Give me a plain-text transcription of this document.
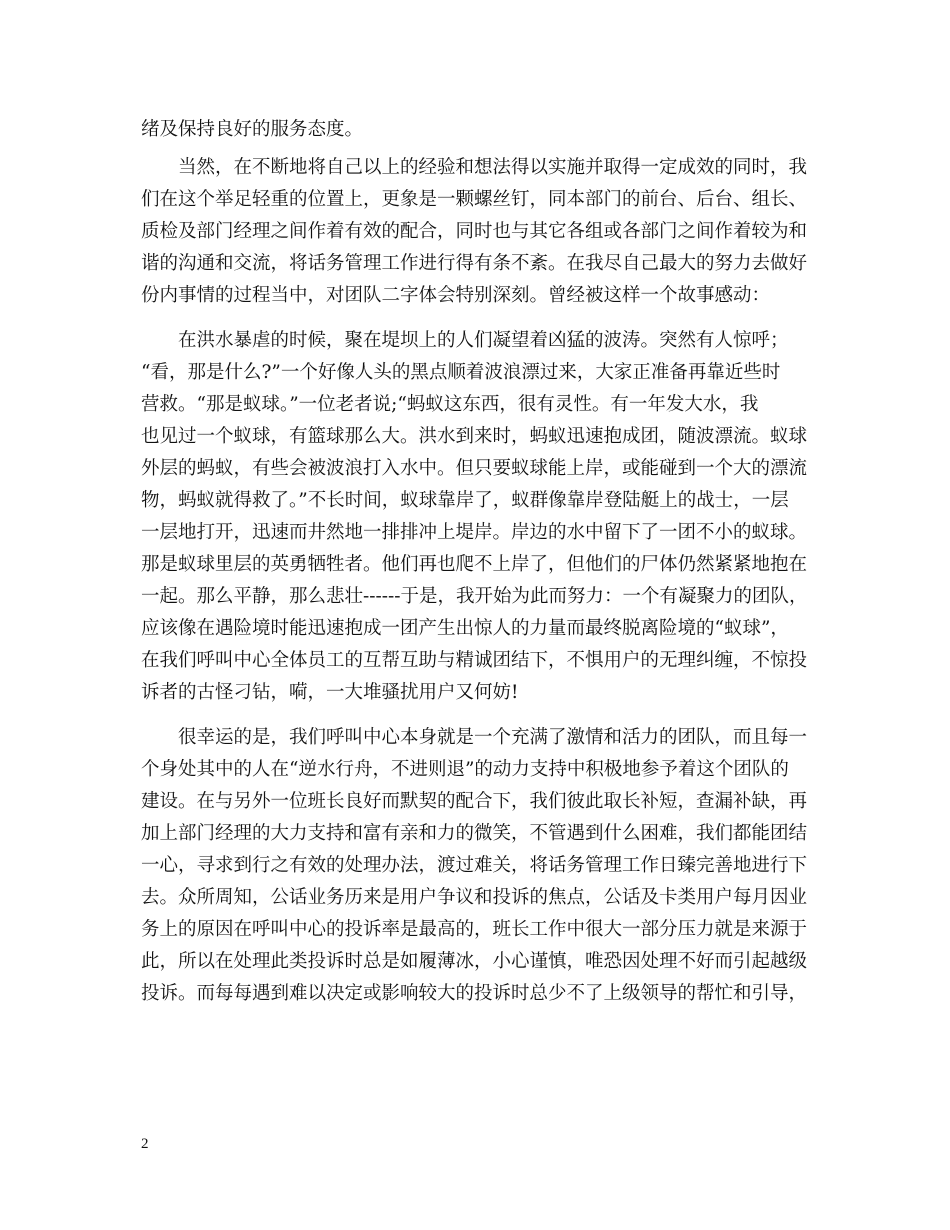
绪及保持良好的服务态度。
当然，在不断地将自己以上的经验和想法得以实施并取得一定成效的同时，我
们在这个举足轻重的位置上，更象是一颗螺丝钉，同本部门的前台、后台、组长、
质检及部门经理之间作着有效的配合，同时也与其它各组或各部门之间作着较为和
谐的沟通和交流，将话务管理工作进行得有条不紊。在我尽自己最大的努力去做好
份内事情的过程当中，对团队二字体会特别深刻。曾经被这样一个故事感动：
在洪水暴虐的时候，聚在堤坝上的人们凝望着凶猛的波涛。突然有人惊呼；
“看，那是什么?”一个好像人头的黑点顺着波浪漂过来，大家正准备再靠近些时
营救。“那是蚁球。”一位老者说;“蚂蚁这东西，很有灵性。有一年发大水，我
也见过一个蚁球，有篮球那么大。洪水到来时，蚂蚁迅速抱成团，随波漂流。蚁球
外层的蚂蚁，有些会被波浪打入水中。但只要蚁球能上岸，或能碰到一个大的漂流
物，蚂蚁就得救了。”不长时间，蚁球靠岸了，蚁群像靠岸登陆艇上的战士，一层
一层地打开，迅速而井然地一排排冲上堤岸。岸边的水中留下了一团不小的蚁球。
那是蚁球里层的英勇牺牲者。他们再也爬不上岸了，但他们的尸体仍然紧紧地抱在
一起。那么平静，那么悲壮------于是，我开始为此而努力：一个有凝聚力的团队，
应该像在遇险境时能迅速抱成一团产生出惊人的力量而最终脱离险境的“蚁球”，
在我们呼叫中心全体员工的互帮互助与精诚团结下，不惧用户的无理纠缠，不惊投
诉者的古怪刁钻，嗬，一大堆骚扰用户又何妨!
很幸运的是，我们呼叫中心本身就是一个充满了激情和活力的团队，而且每一
个身处其中的人在“逆水行舟，不进则退”的动力支持中积极地参予着这个团队的
建设。在与另外一位班长良好而默契的配合下，我们彼此取长补短，查漏补缺，再
加上部门经理的大力支持和富有亲和力的微笑，不管遇到什么困难，我们都能团结
一心，寻求到行之有效的处理办法，渡过难关，将话务管理工作日臻完善地进行下
去。众所周知，公话业务历来是用户争议和投诉的焦点，公话及卡类用户每月因业
务上的原因在呼叫中心的投诉率是最高的，班长工作中很大一部分压力就是来源于
此，所以在处理此类投诉时总是如履薄冰，小心谨慎，唯恐因处理不好而引起越级
投诉。而每每遇到难以决定或影响较大的投诉时总少不了上级领导的帮忙和引导，
2
